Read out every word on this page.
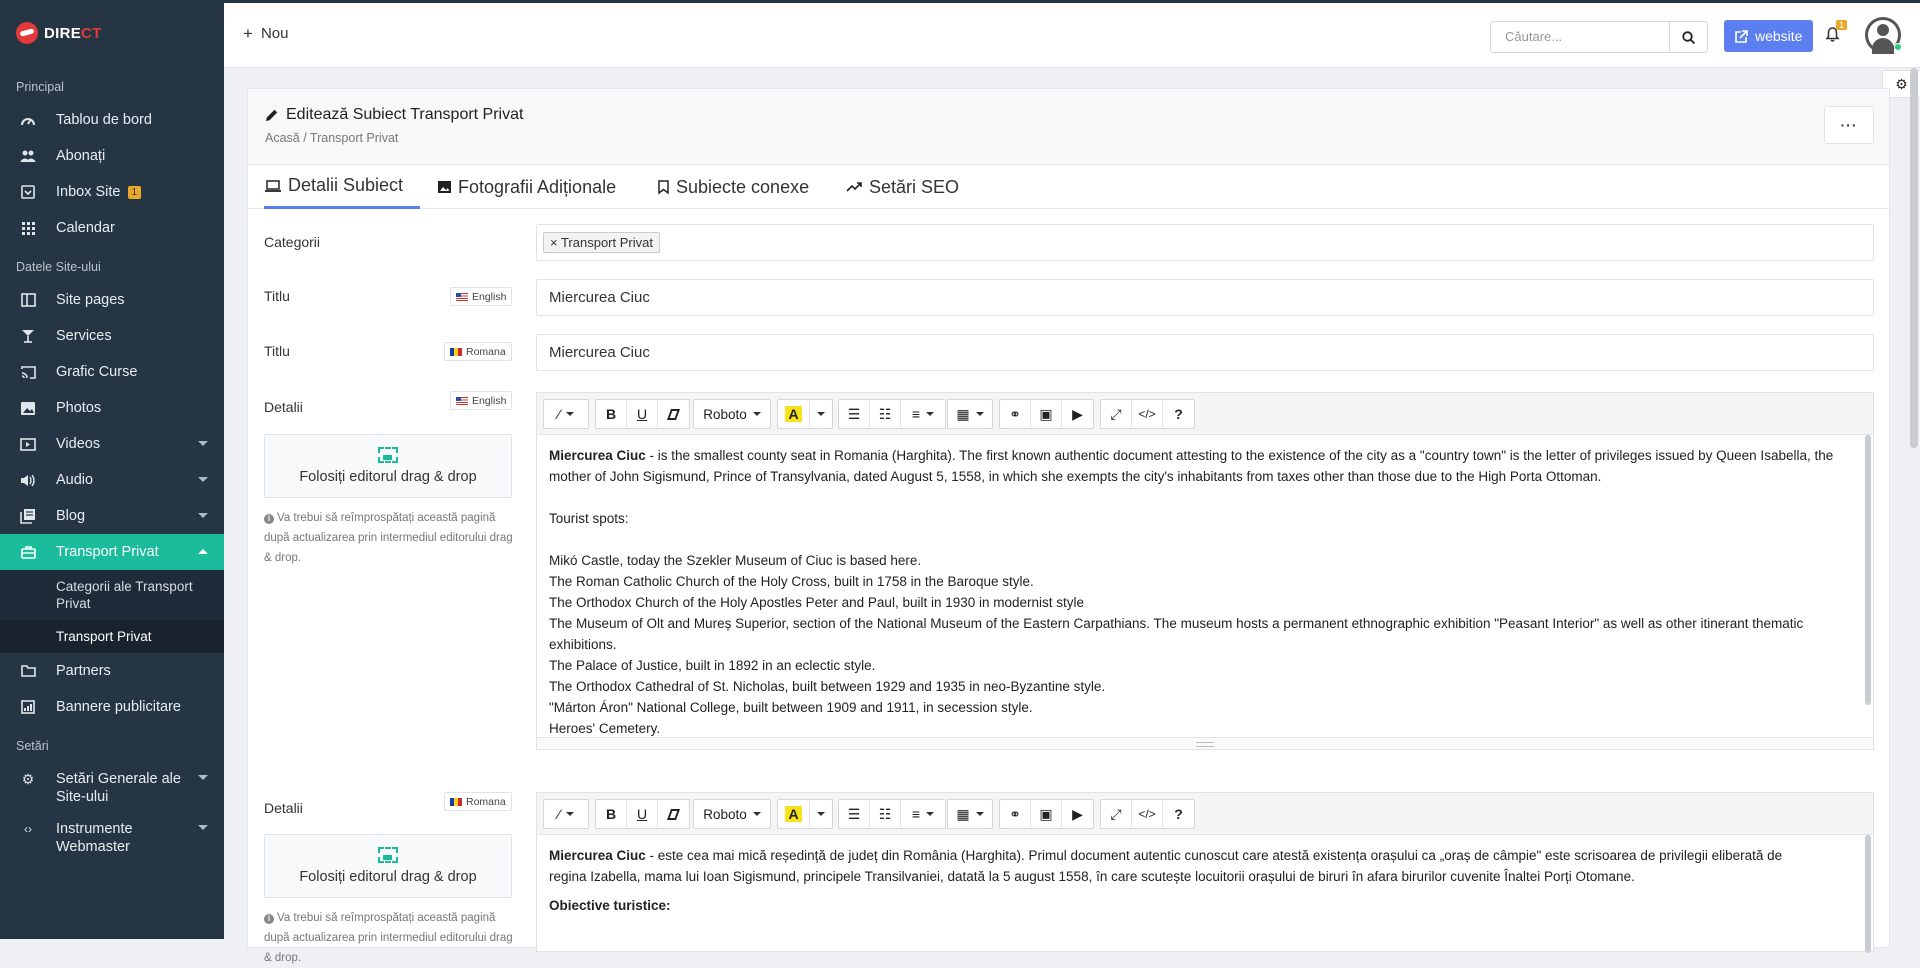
DIRECT
Principal
Tablou de bord
Abonați
Inbox Site	1
Calendar
Datele Site-ului
Site pages
Services
Grafic Curse
Photos
Videos
Audio
Blog
Transport Privat
Categorii ale Transport Privat
Transport Privat
Partners
Bannere publicitare
Setări
⚙ Setări Generale ale Site-ului
‹› Instrumente Webmaster
+ Nou	Căutare...	website
1
⚙
Editează Subiect Transport Privat
Acasă / Transport Privat
···
Detalii Subiect	Fotografii Adiționale	Subiecte conexe	Setări SEO
Categorii	× Transport Privat
Titlu	English	Miercurea Ciuc
Titlu	Romana	Miercurea Ciuc
Detalii	English
Folosiți editorul drag & drop
i Va trebui să reîmprospătați această pagină după actualizarea prin intermediul editorului drag & drop.
⁄	B U	Roboto	A	☰ ☷ ≡	▦	⚭ ▣ ▶ ⤢ </> ?

Miercurea Ciuc - is the smallest county seat in Romania (Harghita). The first known authentic document attesting to the existence of the city as a "country town" is the letter of privileges issued by Queen Isabella, the mother of John Sigismund, Prince of Transylvania, dated August 5, 1558, in which she exempts the city's inhabitants from taxes other than those due to the High Porta Ottoman.

Tourist spots:

Mikó Castle, today the Szekler Museum of Ciuc is based here.

The Roman Catholic Church of the Holy Cross, built in 1758 in the Baroque style.

The Orthodox Church of the Holy Apostles Peter and Paul, built in 1930 in modernist style

The Museum of Olt and Mureș Superior, section of the National Museum of the Eastern Carpathians. The museum hosts a permanent ethnographic exhibition "Peasant Interior" as well as other itinerant thematic exhibitions.

The Palace of Justice, built in 1892 in an eclectic style.

The Orthodox Cathedral of St. Nicholas, built between 1929 and 1935 in neo-Byzantine style.

"Márton Áron" National College, built between 1909 and 1911, in secession style.

Heroes' Cemetery.

Detalii	Romana
Folosiți editorul drag & drop
i Va trebui să reîmprospătați această pagină după actualizarea prin intermediul editorului drag & drop.
⁄	B U	Roboto	A	☰ ☷ ≡	▦	⚭ ▣ ▶ ⤢ </> ?

Miercurea Ciuc - este cea mai mică reședință de județ din România (Harghita). Primul document autentic cunoscut care atestă existența orașului ca „oraș de câmpie" este scrisoarea de privilegii eliberată de regina Izabella, mama lui Ioan Sigismund, principele Transilvaniei, datată la 5 august 1558, în care scutește locuitorii orașului de biruri în afara birurilor cuvenite Înaltei Porți Otomane.

Obiective turistice:
